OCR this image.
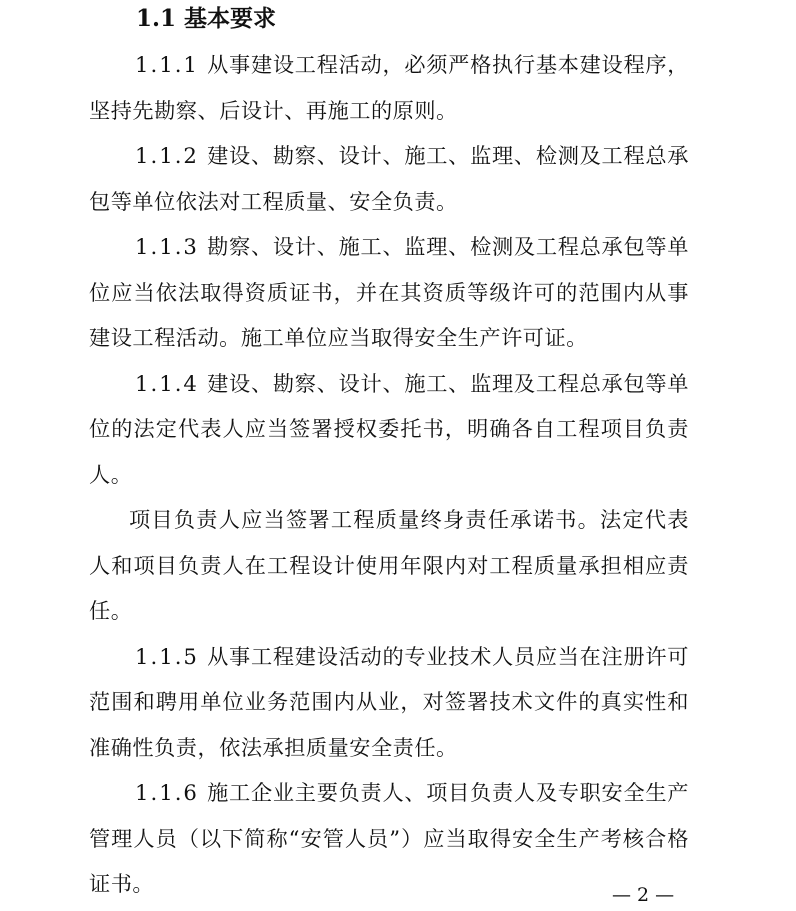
1.1 基本要求

1.1.1 从事建设工程活动，必须严格执行基本建设程序，坚持先勘察、后设计、再施工的原则。

1.1.2 建设、勘察、设计、施工、监理、检测及工程总承包等单位依法对工程质量、安全负责。

1.1.3 勘察、设计、施工、监理、检测及工程总承包等单位应当依法取得资质证书，并在其资质等级许可的范围内从事建设工程活动。施工单位应当取得安全生产许可证。

1.1.4 建设、勘察、设计、施工、监理及工程总承包等单位的法定代表人应当签署授权委托书，明确各自工程项目负责人。

项目负责人应当签署工程质量终身责任承诺书。法定代表人和项目负责人在工程设计使用年限内对工程质量承担相应责任。

1.1.5 从事工程建设活动的专业技术人员应当在注册许可范围和聘用单位业务范围内从业，对签署技术文件的真实性和准确性负责，依法承担质量安全责任。

1.1.6 施工企业主要负责人、项目负责人及专职安全生产管理人员（以下简称“安管人员”）应当取得安全生产考核合格证书。	— 2 —
